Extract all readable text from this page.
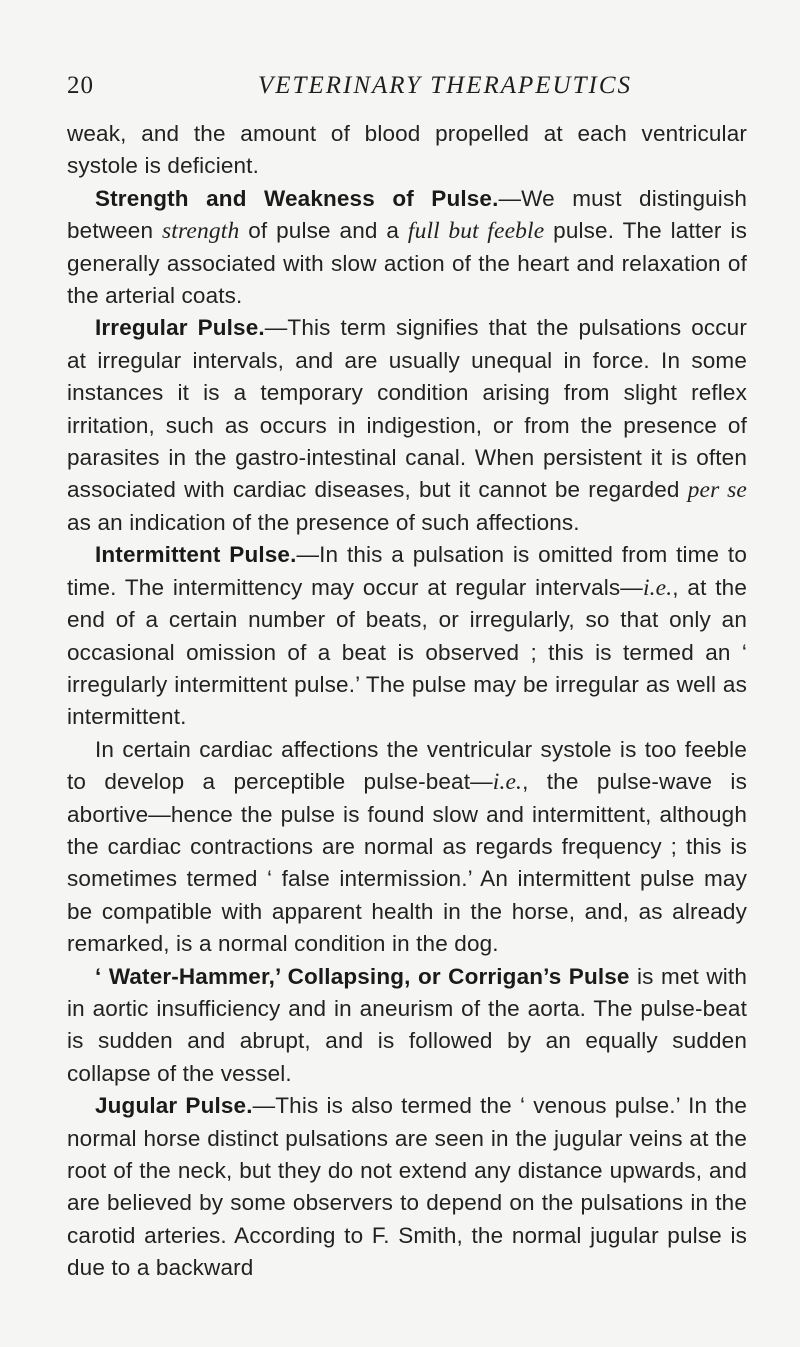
20	VETERINARY THERAPEUTICS

weak, and the amount of blood propelled at each ventricular systole is deficient.

Strength and Weakness of Pulse.—We must distinguish between strength of pulse and a full but feeble pulse. The latter is generally associated with slow action of the heart and relaxation of the arterial coats.

Irregular Pulse.—This term signifies that the pulsations occur at irregular intervals, and are usually unequal in force. In some instances it is a temporary condition arising from slight reflex irritation, such as occurs in indigestion, or from the presence of parasites in the gastro-intestinal canal. When persistent it is often associated with cardiac diseases, but it cannot be regarded per se as an indication of the presence of such affections.

Intermittent Pulse.—In this a pulsation is omitted from time to time. The intermittency may occur at regular intervals—i.e., at the end of a certain number of beats, or irregularly, so that only an occasional omission of a beat is observed ; this is termed an ‘ irregularly intermittent pulse.’ The pulse may be irregular as well as intermittent.

In certain cardiac affections the ventricular systole is too feeble to develop a perceptible pulse-beat—i.e., the pulse-wave is abortive—hence the pulse is found slow and intermittent, although the cardiac contractions are normal as regards frequency ; this is sometimes termed ‘ false intermission.’ An intermittent pulse may be compatible with apparent health in the horse, and, as already remarked, is a normal condition in the dog.

‘ Water-Hammer,’ Collapsing, or Corrigan’s Pulse is met with in aortic insufficiency and in aneurism of the aorta. The pulse-beat is sudden and abrupt, and is followed by an equally sudden collapse of the vessel.

Jugular Pulse.—This is also termed the ‘ venous pulse.’ In the normal horse distinct pulsations are seen in the jugular veins at the root of the neck, but they do not extend any distance upwards, and are believed by some observers to depend on the pulsations in the carotid arteries. According to F. Smith, the normal jugular pulse is due to a backward
